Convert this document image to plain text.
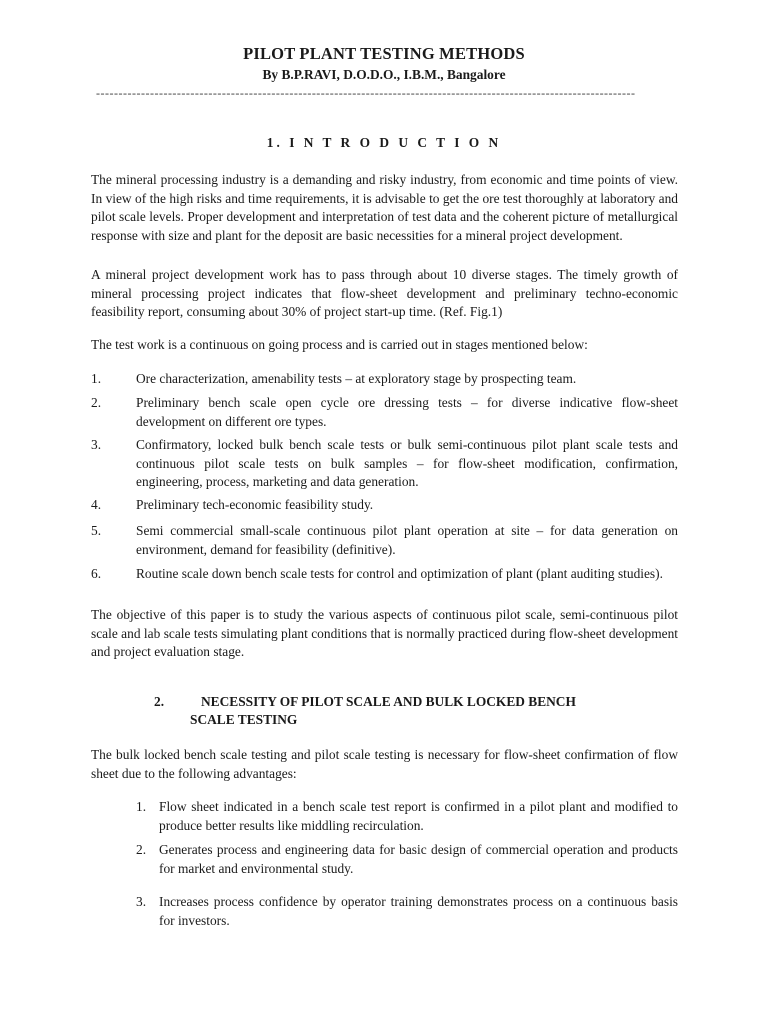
PILOT PLANT TESTING METHODS
By B.P.RAVI, D.O.D.O., I.B.M., Bangalore
------------------------------------------------------------------------------------------------------------------------
1. I N T R O D U C T I O N
The mineral processing industry is a demanding and risky industry, from economic and time points of view. In view of the high risks and time requirements, it is advisable to get the ore test thoroughly at laboratory and pilot scale levels. Proper development and interpretation of test data and the coherent picture of metallurgical response with size and plant for the deposit are basic necessities for a mineral project development.
A mineral project development work has to pass through about 10 diverse stages. The timely growth of mineral processing project indicates that flow-sheet development and preliminary techno-economic feasibility report, consuming about 30% of project start-up time. (Ref. Fig.1)
The test work is a continuous on going process and is carried out in stages mentioned below:
1.	Ore characterization, amenability tests – at exploratory stage by prospecting team.
2.	Preliminary bench scale open cycle ore dressing tests – for diverse indicative flow-sheet development on different ore types.
3.	Confirmatory, locked bulk bench scale tests or bulk semi-continuous pilot plant scale tests and continuous pilot scale tests on bulk samples – for flow-sheet modification, confirmation, engineering, process, marketing and data generation.
4.	Preliminary tech-economic feasibility study.
5.	Semi commercial small-scale continuous pilot plant operation at site – for data generation on environment, demand for feasibility (definitive).
6.	Routine scale down bench scale tests for control and optimization of plant (plant auditing studies).
The objective of this paper is to study the various aspects of continuous pilot scale, semi-continuous pilot scale and lab scale tests simulating plant conditions that is normally practiced during flow-sheet development and project evaluation stage.
2.	NECESSITY OF PILOT SCALE AND BULK LOCKED BENCH
SCALE TESTING
The bulk locked bench scale testing and pilot scale testing is necessary for flow-sheet confirmation of flow sheet due to the following advantages:
1. Flow sheet indicated in a bench scale test report is confirmed in a pilot plant and modified to produce better results like middling recirculation.
2. Generates process and engineering data for basic design of commercial operation and products for market and environmental study.
3. Increases process confidence by operator training demonstrates process on a continuous basis for investors.
